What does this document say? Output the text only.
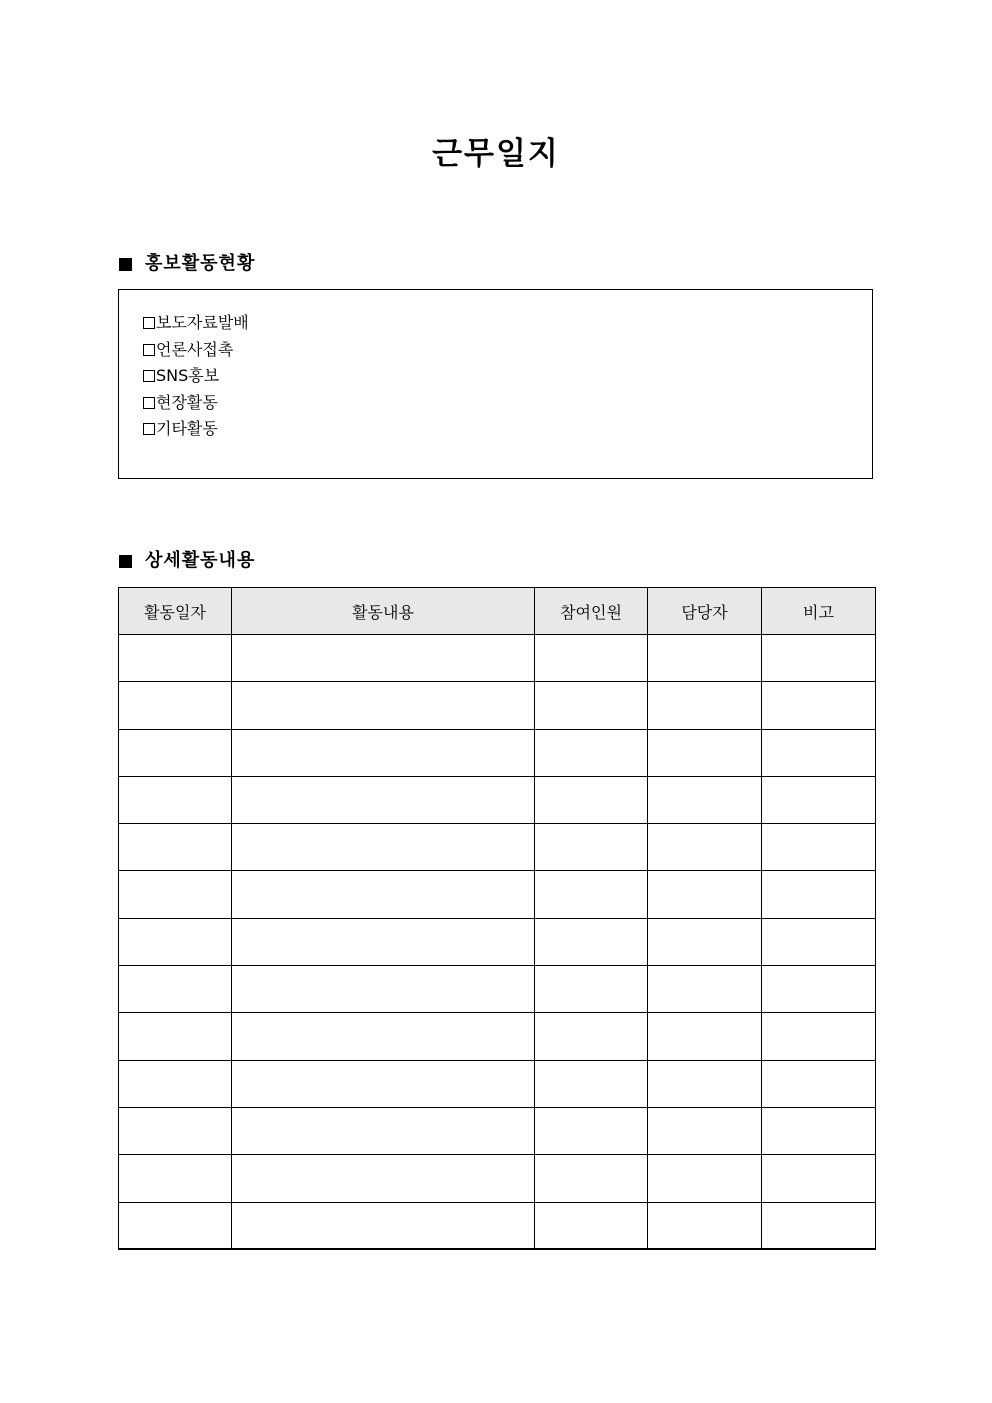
근무일지
홍보활동현황
보도자료발배
언론사접촉
SNS홍보
현장활동
기타활동
상세활동내용
활동일자	활동내용	참여인원	담당자	비고
